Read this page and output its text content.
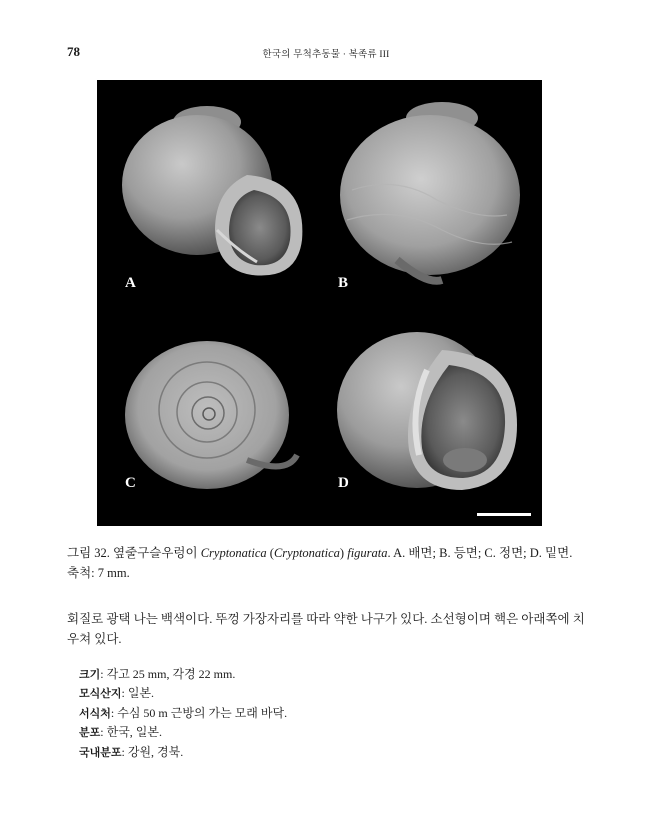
78	한국의 무척추동물 · 복족류 III
A	B
C	D
그림 32. 옆줄구슬우렁이 Cryptonatica (Cryptonatica) figurata. A. 배면; B. 등면; C. 정면; D. 밑면. 축척: 7 mm.
회질로 광택 나는 백색이다. 뚜껑 가장자리를 따라 약한 나구가 있다. 소선형이며 핵은 아래쪽에 치우쳐 있다.
크기: 각고 25 mm, 각경 22 mm.
모식산지: 일본.
서식처: 수심 50 m 근방의 가는 모래 바닥.
분포: 한국, 일본.
국내분포: 강원, 경북.
